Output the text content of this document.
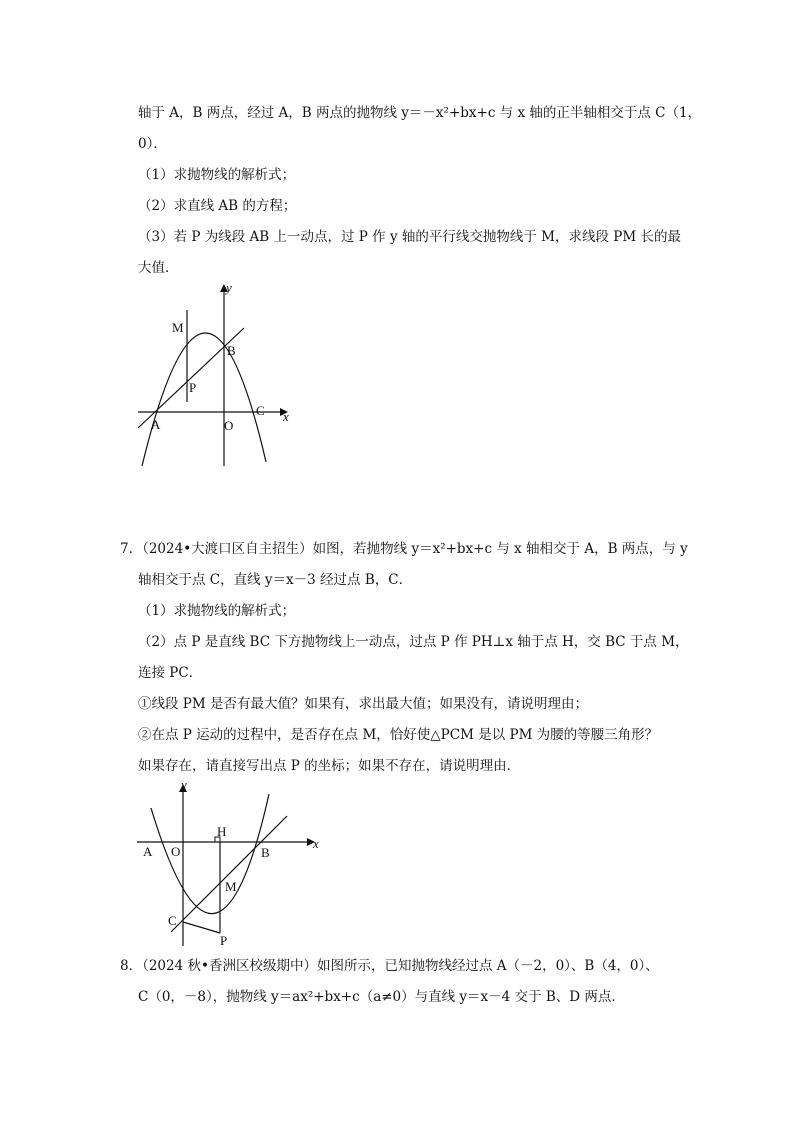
轴于 A，B 两点，经过 A，B 两点的抛物线 y＝－x²+bx+c 与 x 轴的正半轴相交于点 C（1，
0）．
（1）求抛物线的解析式；
（2）求直线 AB 的方程；
（3）若 P 为线段 AB 上一动点，过 P 作 y 轴的平行线交抛物线于 M，求线段 PM 长的最
大值．
y
x
M
B
P
A	O
C
7．（2024•大渡口区自主招生）如图，若抛物线 y＝x²+bx+c 与 x 轴相交于 A，B 两点，与 y
轴相交于点 C，直线 y＝x－3 经过点 B，C．
（1）求抛物线的解析式；
（2）点 P 是直线 BC 下方抛物线上一动点，过点 P 作 PH⊥x 轴于点 H，交 BC 于点 M，
连接 PC．
①线段 PM 是否有最大值？如果有，求出最大值；如果没有，请说明理由；
②在点 P 运动的过程中，是否存在点 M，恰好使△PCM 是以 PM 为腰的等腰三角形？
如果存在，请直接写出点 P 的坐标；如果不存在，请说明理由．
y
x
H
A O	B
M
C
P
8．（2024 秋•香洲区校级期中）如图所示，已知抛物线经过点 A（－2，0）、B（4，0）、
C（0，－8），抛物线 y＝ax²+bx+c（a≠0）与直线 y＝x－4 交于 B、D 两点．
